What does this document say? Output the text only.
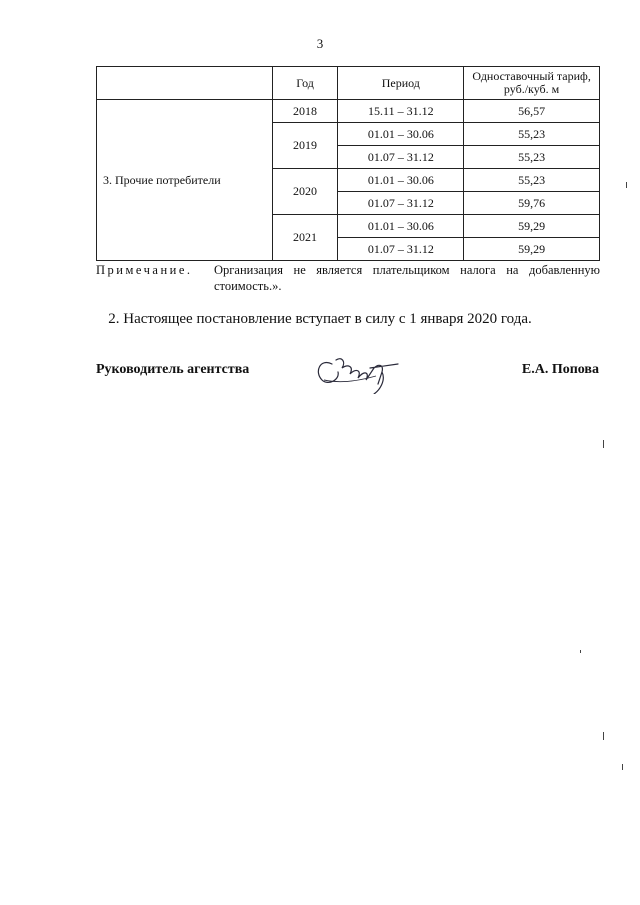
3
	Год	Период	Одноставочный тариф, руб./куб. м
3. Прочие потребители	2018	15.11 – 31.12	56,57
	2019	01.01 – 30.06	55,23
		01.07 – 31.12	55,23
	2020	01.01 – 30.06	55,23
		01.07 – 31.12	59,76
	2021	01.01 – 30.06	59,29
		01.07 – 31.12	59,29
Примечание. Организация не является плательщиком налога на добавленную стоимость.».
2. Настоящее постановление вступает в силу с 1 января 2020 года.
Руководитель агентства	Е.А. Попова
